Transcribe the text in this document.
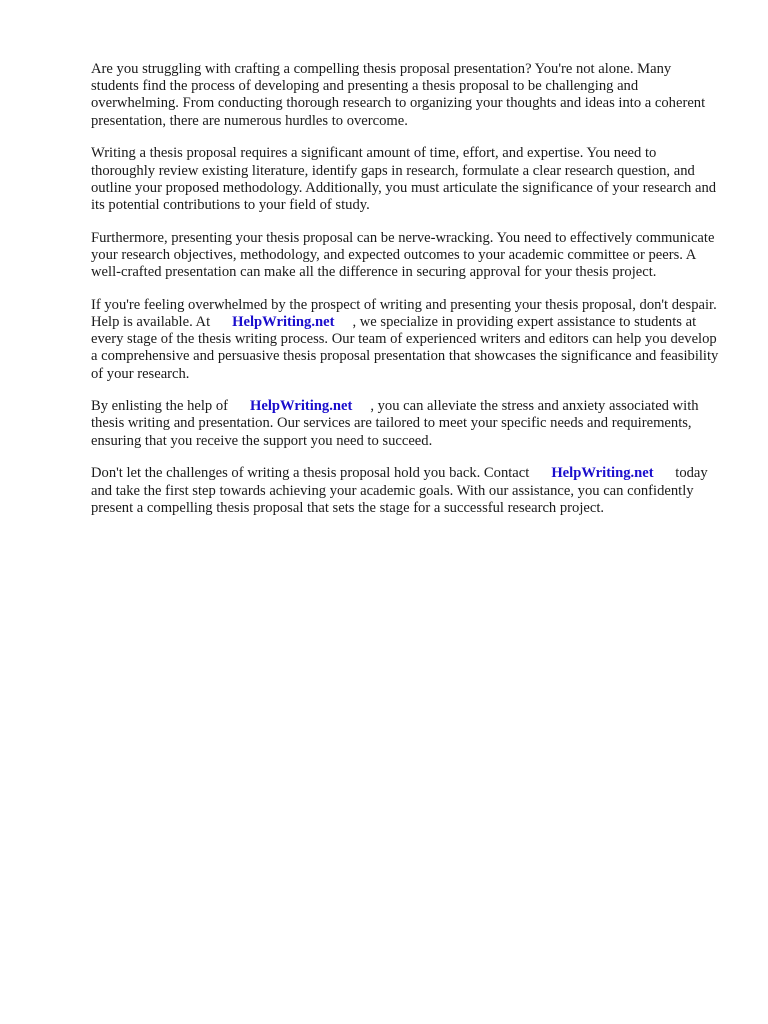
Are you struggling with crafting a compelling thesis proposal presentation? You're not alone. Many students find the process of developing and presenting a thesis proposal to be challenging and overwhelming. From conducting thorough research to organizing your thoughts and ideas into a coherent presentation, there are numerous hurdles to overcome.

Writing a thesis proposal requires a significant amount of time, effort, and expertise. You need to thoroughly review existing literature, identify gaps in research, formulate a clear research question, and outline your proposed methodology. Additionally, you must articulate the significance of your research and its potential contributions to your field of study.

Furthermore, presenting your thesis proposal can be nerve-wracking. You need to effectively communicate your research objectives, methodology, and expected outcomes to your academic committee or peers. A well-crafted presentation can make all the difference in securing approval for your thesis project.

If you're feeling overwhelmed by the prospect of writing and presenting your thesis proposal, don't despair. Help is available. At HelpWriting.net , we specialize in providing expert assistance to students at every stage of the thesis writing process. Our team of experienced writers and editors can help you develop a comprehensive and persuasive thesis proposal presentation that showcases the significance and feasibility of your research.

By enlisting the help of HelpWriting.net , you can alleviate the stress and anxiety associated with thesis writing and presentation. Our services are tailored to meet your specific needs and requirements, ensuring that you receive the support you need to succeed.

Don't let the challenges of writing a thesis proposal hold you back. Contact HelpWriting.net today and take the first step towards achieving your academic goals. With our assistance, you can confidently present a compelling thesis proposal that sets the stage for a successful research project.
